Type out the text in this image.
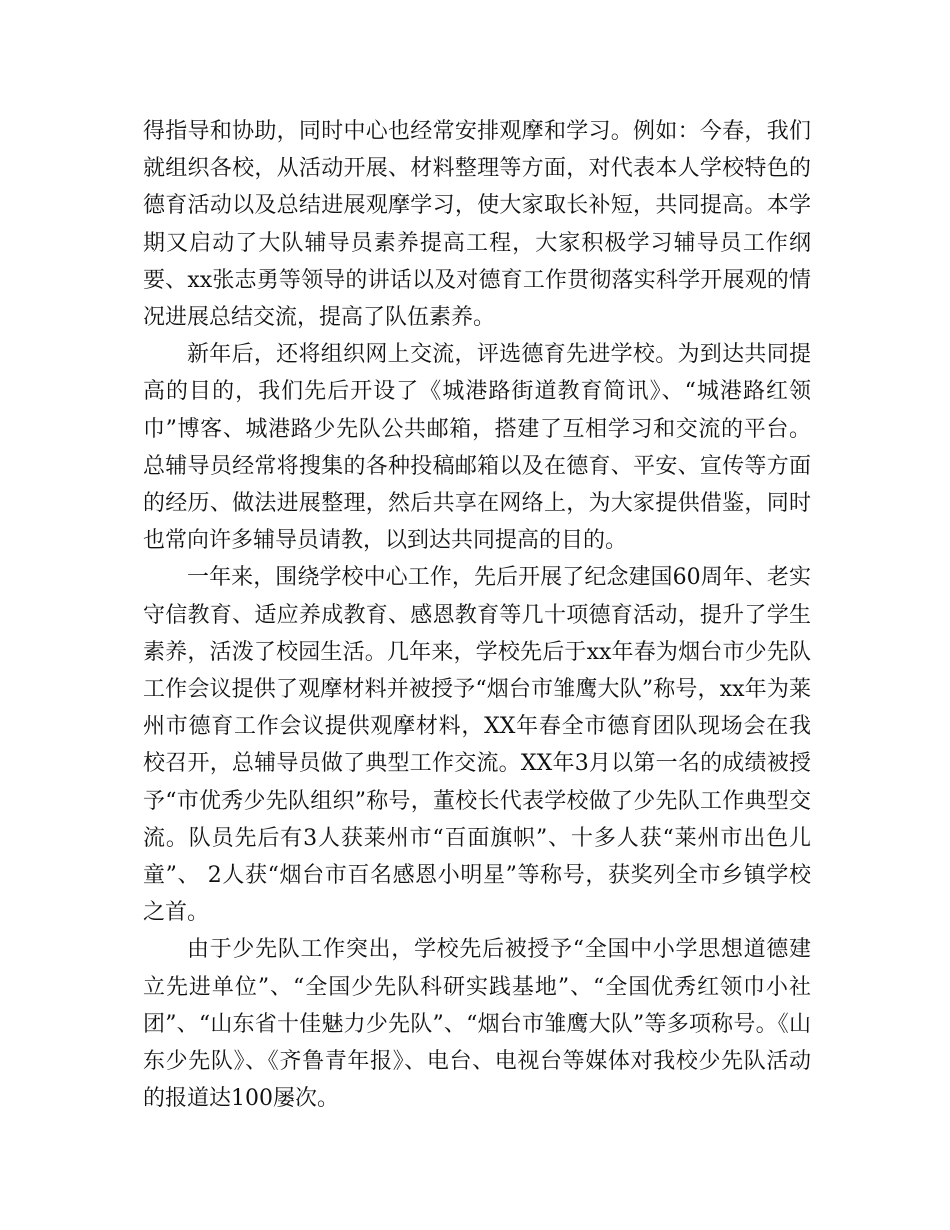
得指导和协助，同时中心也经常安排观摩和学习。例如：今春，我们就组织各校，从活动开展、材料整理等方面，对代表本人学校特色的德育活动以及总结进展观摩学习，使大家取长补短，共同提高。本学期又启动了大队辅导员素养提高工程，大家积极学习辅导员工作纲要、xx张志勇等领导的讲话以及对德育工作贯彻落实科学开展观的情况进展总结交流，提高了队伍素养。

新年后，还将组织网上交流，评选德育先进学校。为到达共同提高的目的，我们先后开设了《城港路街道教育简讯》、“城港路红领巾”博客、城港路少先队公共邮箱，搭建了互相学习和交流的平台。总辅导员经常将搜集的各种投稿邮箱以及在德育、平安、宣传等方面的经历、做法进展整理，然后共享在网络上，为大家提供借鉴，同时也常向许多辅导员请教，以到达共同提高的目的。

一年来，围绕学校中心工作，先后开展了纪念建国60周年、老实守信教育、适应养成教育、感恩教育等几十项德育活动，提升了学生素养，活泼了校园生活。几年来，学校先后于xx年春为烟台市少先队工作会议提供了观摩材料并被授予“烟台市雏鹰大队”称号，xx年为莱州市德育工作会议提供观摩材料，XX年春全市德育团队现场会在我校召开，总辅导员做了典型工作交流。XX年3月以第一名的成绩被授予“市优秀少先队组织”称号，董校长代表学校做了少先队工作典型交流。队员先后有3人获莱州市“百面旗帜”、十多人获“莱州市出色儿童”、 2人获“烟台市百名感恩小明星”等称号，获奖列全市乡镇学校之首。

由于少先队工作突出，学校先后被授予“全国中小学思想道德建立先进单位”、“全国少先队科研实践基地”、“全国优秀红领巾小社团”、“山东省十佳魅力少先队”、“烟台市雏鹰大队”等多项称号。《山东少先队》、《齐鲁青年报》、电台、电视台等媒体对我校少先队活动的报道达100屡次。
